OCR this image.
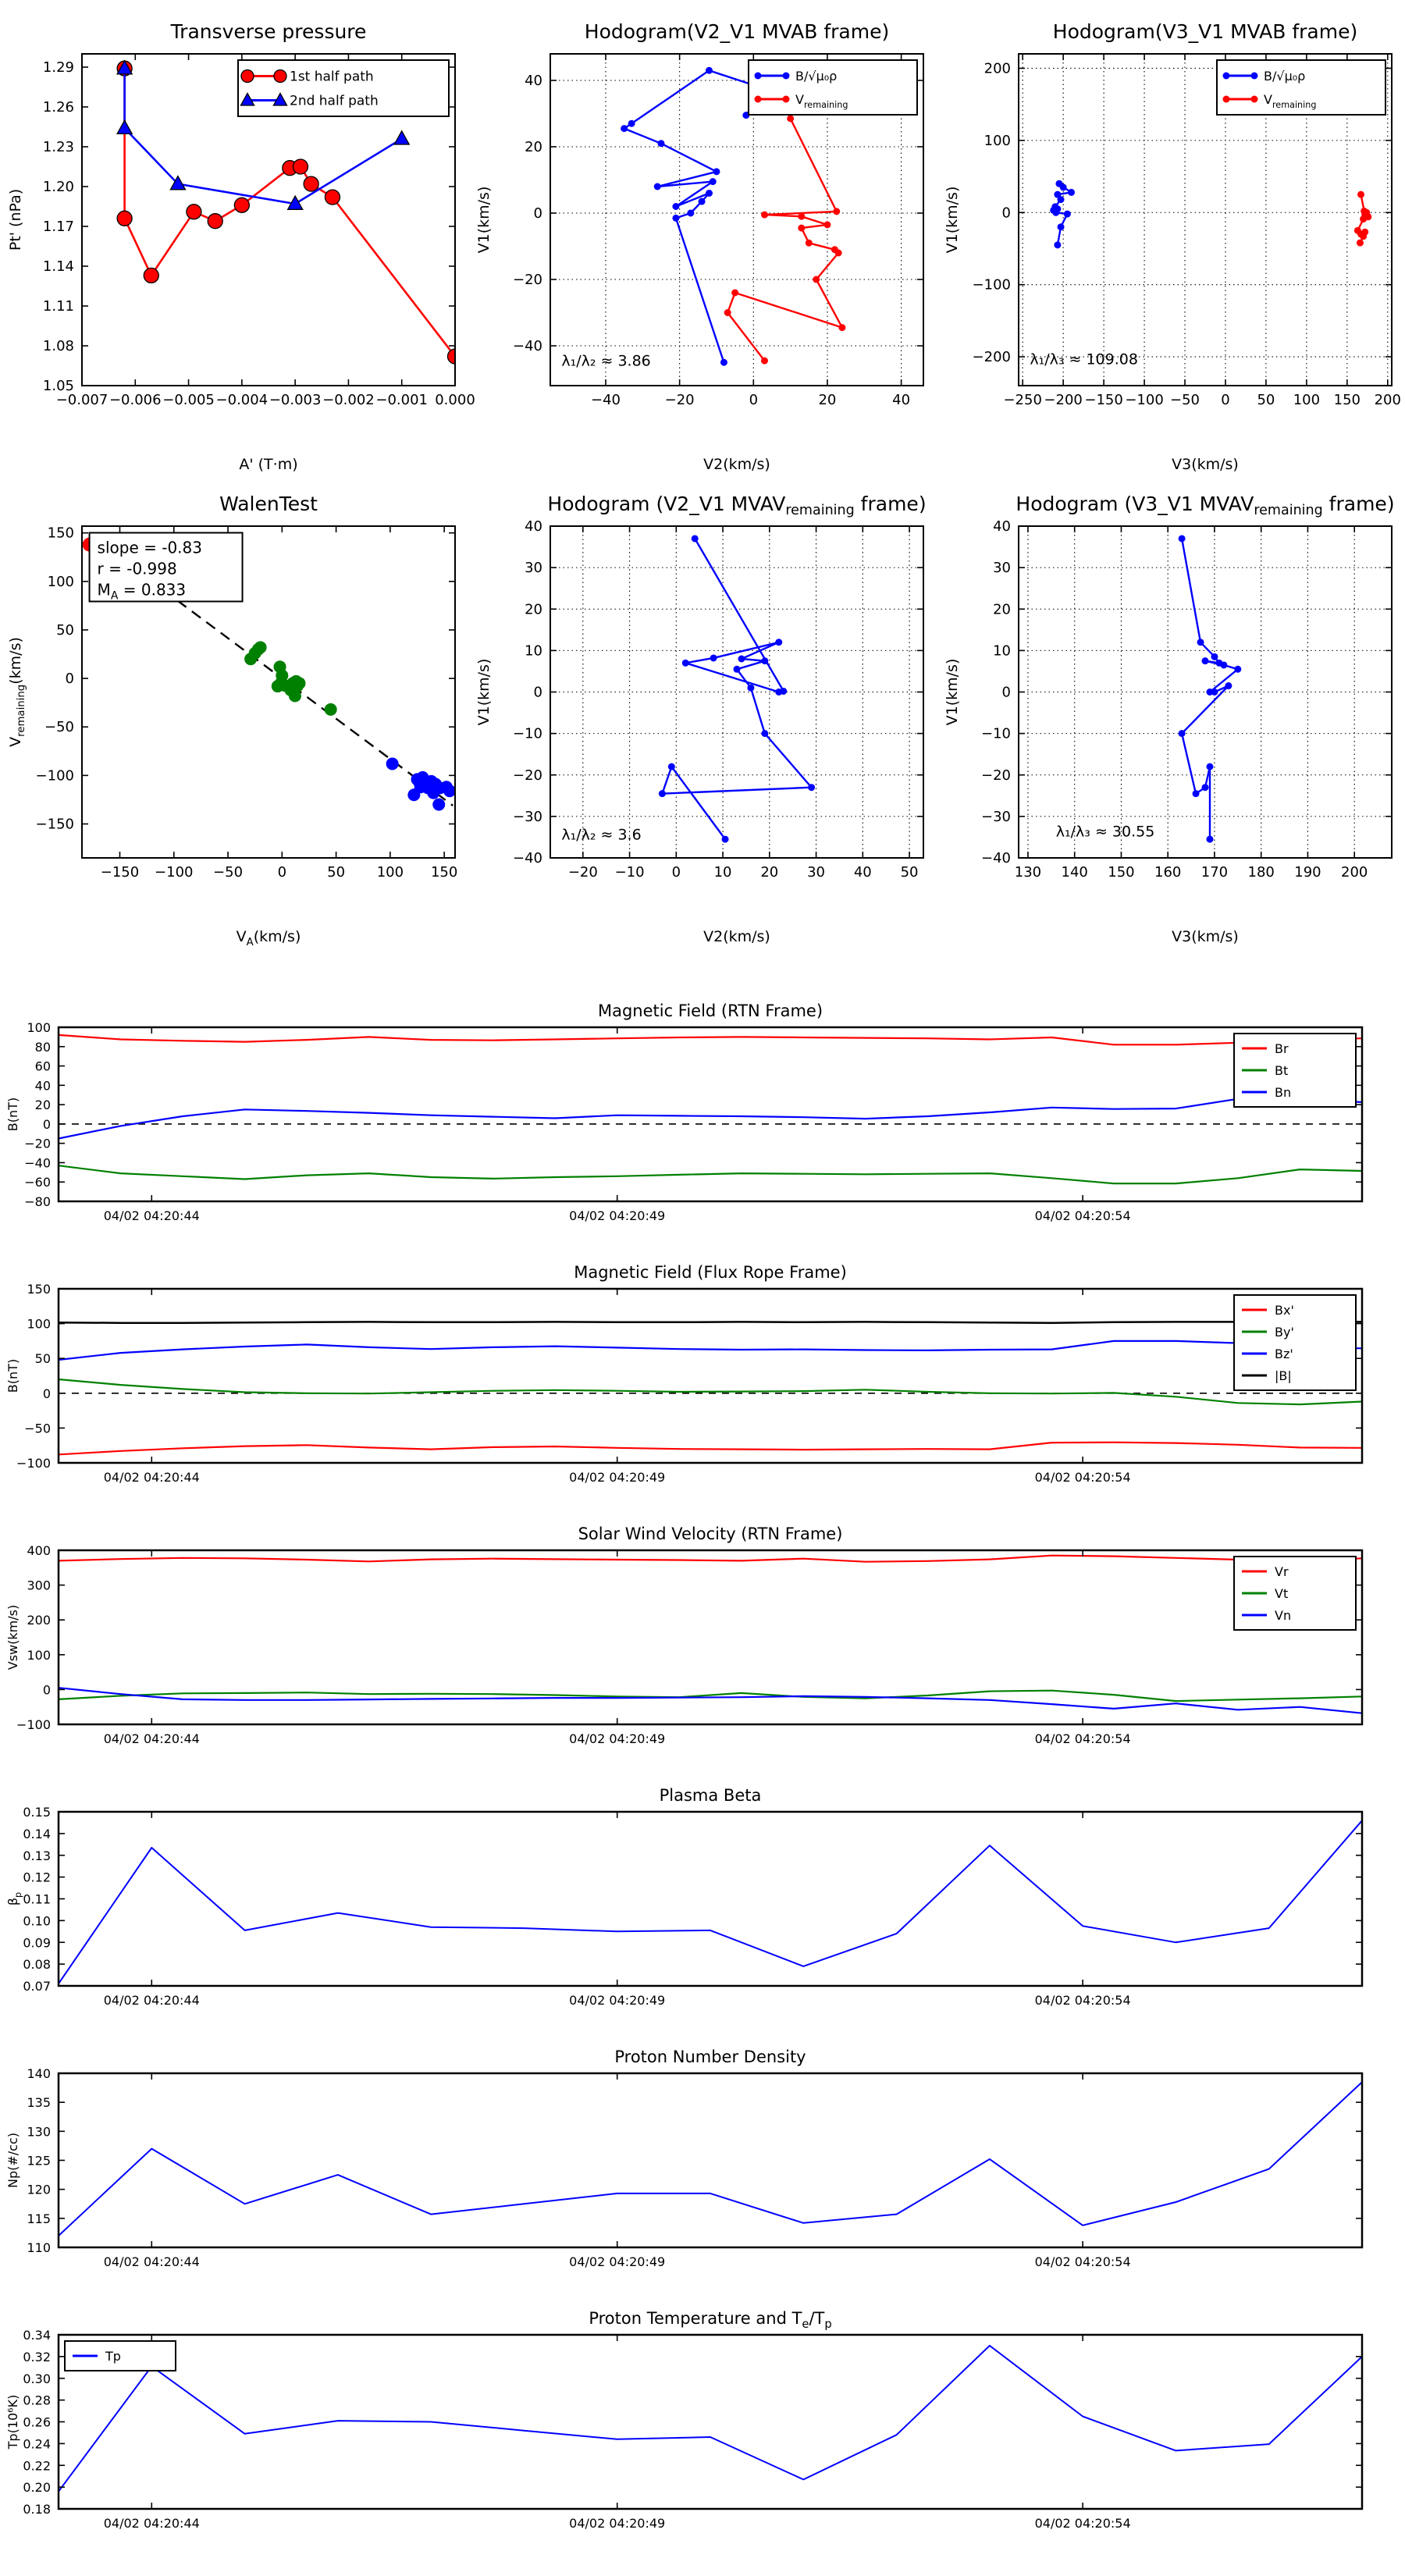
−0.007 −0.006 −0.005 −0.004 −0.003 −0.002 −0.001 0.000
1.05
1.08
1.11
1.14
1.17
1.20
1.23
1.26
1.29
Transverse pressure
A' (T·m)
Pt' (nPa)
1st half path
2nd half path
−40	−20	0	20	40
−40
−20
0
20
40
Hodogram(V2_V1 MVAB frame)
V2(km/s)
V1(km/s)
λ₁/λ₂ ≈ 3.86
B/√μ₀ρ
$V_{remaining}$
−250 −200 −150 −100 −50 0 50 100 150 200
−200
−100
0
100
200
Hodogram(V3_V1 MVAB frame)
V3(km/s)
V1(km/s)
λ₁/λ₃ ≈ 109.08
B/√μ₀ρ
$V_{remaining}$
−150 −100 −50 0	50 100 150
−150
−100
−50
0
50
100
150
WalenTest
$V_A(km/s)$
$V_{remaining}(km/s)$
slope = -0.83
r = -0.998
$M_A = 0.833$
−20 −10 0 10 20 30 40 50
−40
−30
−20
−10
0
10
20
30
40
Hodogram (V2_V1 $MVAV_{remaining}$ frame)
V2(km/s)
V1(km/s)
λ₁/λ₂ ≈ 3.6
130 140 150 160 170 180 190 200
−40
−30
−20
−10
0
10
20
30
40
Hodogram (V3_V1 $MVAV_{remaining}$ frame)
V3(km/s)
V1(km/s)
λ₁/λ₃ ≈ 30.55
04/02 04:20:44	04/02 04:20:49	04/02 04:20:54
−80
−60
−40
−20
0
20
40
60
80
100
Magnetic Field (RTN Frame)
B(nT)
Br
Bt
Bn
04/02 04:20:44	04/02 04:20:49	04/02 04:20:54
−100
−50
0
50
100
150
Magnetic Field (Flux Rope Frame)
B(nT)
Bx'
By'
Bz'
|B|
04/02 04:20:44	04/02 04:20:49	04/02 04:20:54
−100
0
100
200
300
400
Solar Wind Velocity (RTN Frame)
Vsw(km/s)
Vr
Vt
Vn
04/02 04:20:44	04/02 04:20:49	04/02 04:20:54
0.07
0.08
0.09
0.10
0.11
0.12
0.13
0.14
0.15
Plasma Beta
$\beta_p$
04/02 04:20:44	04/02 04:20:49	04/02 04:20:54
110
115
120
125
130
135
140
Proton Number Density
Np(#/cc)
04/02 04:20:44	04/02 04:20:49	04/02 04:20:54
0.18
0.20
0.22
0.24
0.26
0.28
0.30
0.32
0.34
Proton Temperature and $T_e/T_p$
Tp(10⁶K)
Tp
